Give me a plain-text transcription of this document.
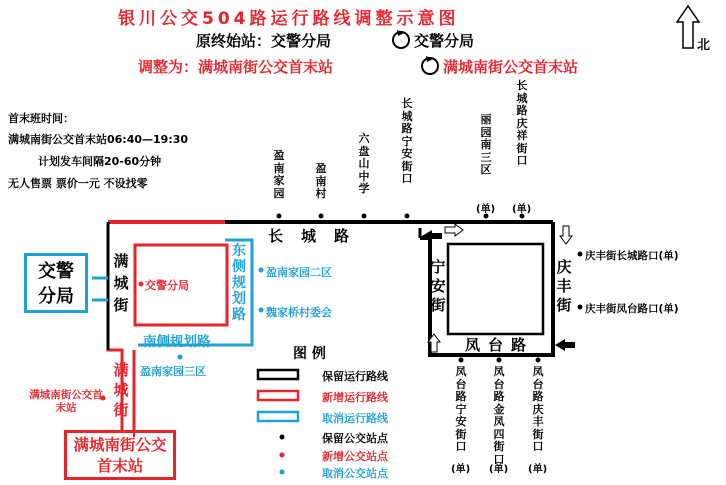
银川公交504路运行路线调整示意图
原终始站：交警分局	交警分局
调整为：满城南街公交首末站	满城南街公交首末站
北
首末班时间：
满城南街公交首末站06:40—19:30
计划发车间隔20-60分钟
无人售票 票价一元 不设找零
盈南家园
盈南村
六盘山中学
长城路宁安街口
丽园南三区
(单)
长城路庆祥街口
(单)
庆丰街长城路口(单)
庆丰街凤台路口(单)
凤台路宁安街口
(单)
凤台路金凤四街口
(单)
凤台路庆丰街口
(单)
长城路
宁安街
庆丰街
凤台路
满城街
满城街
东侧规划路
南侧规划路
交警分局
交警分局
盈南家园二区
魏家桥村委会
盈南家园三区
满城南街公交首末站
满城南街公交首末站
图 例
保留运行路线
新增运行路线
取消运行路线
保留公交站点
新增公交站点
取消公交站点
